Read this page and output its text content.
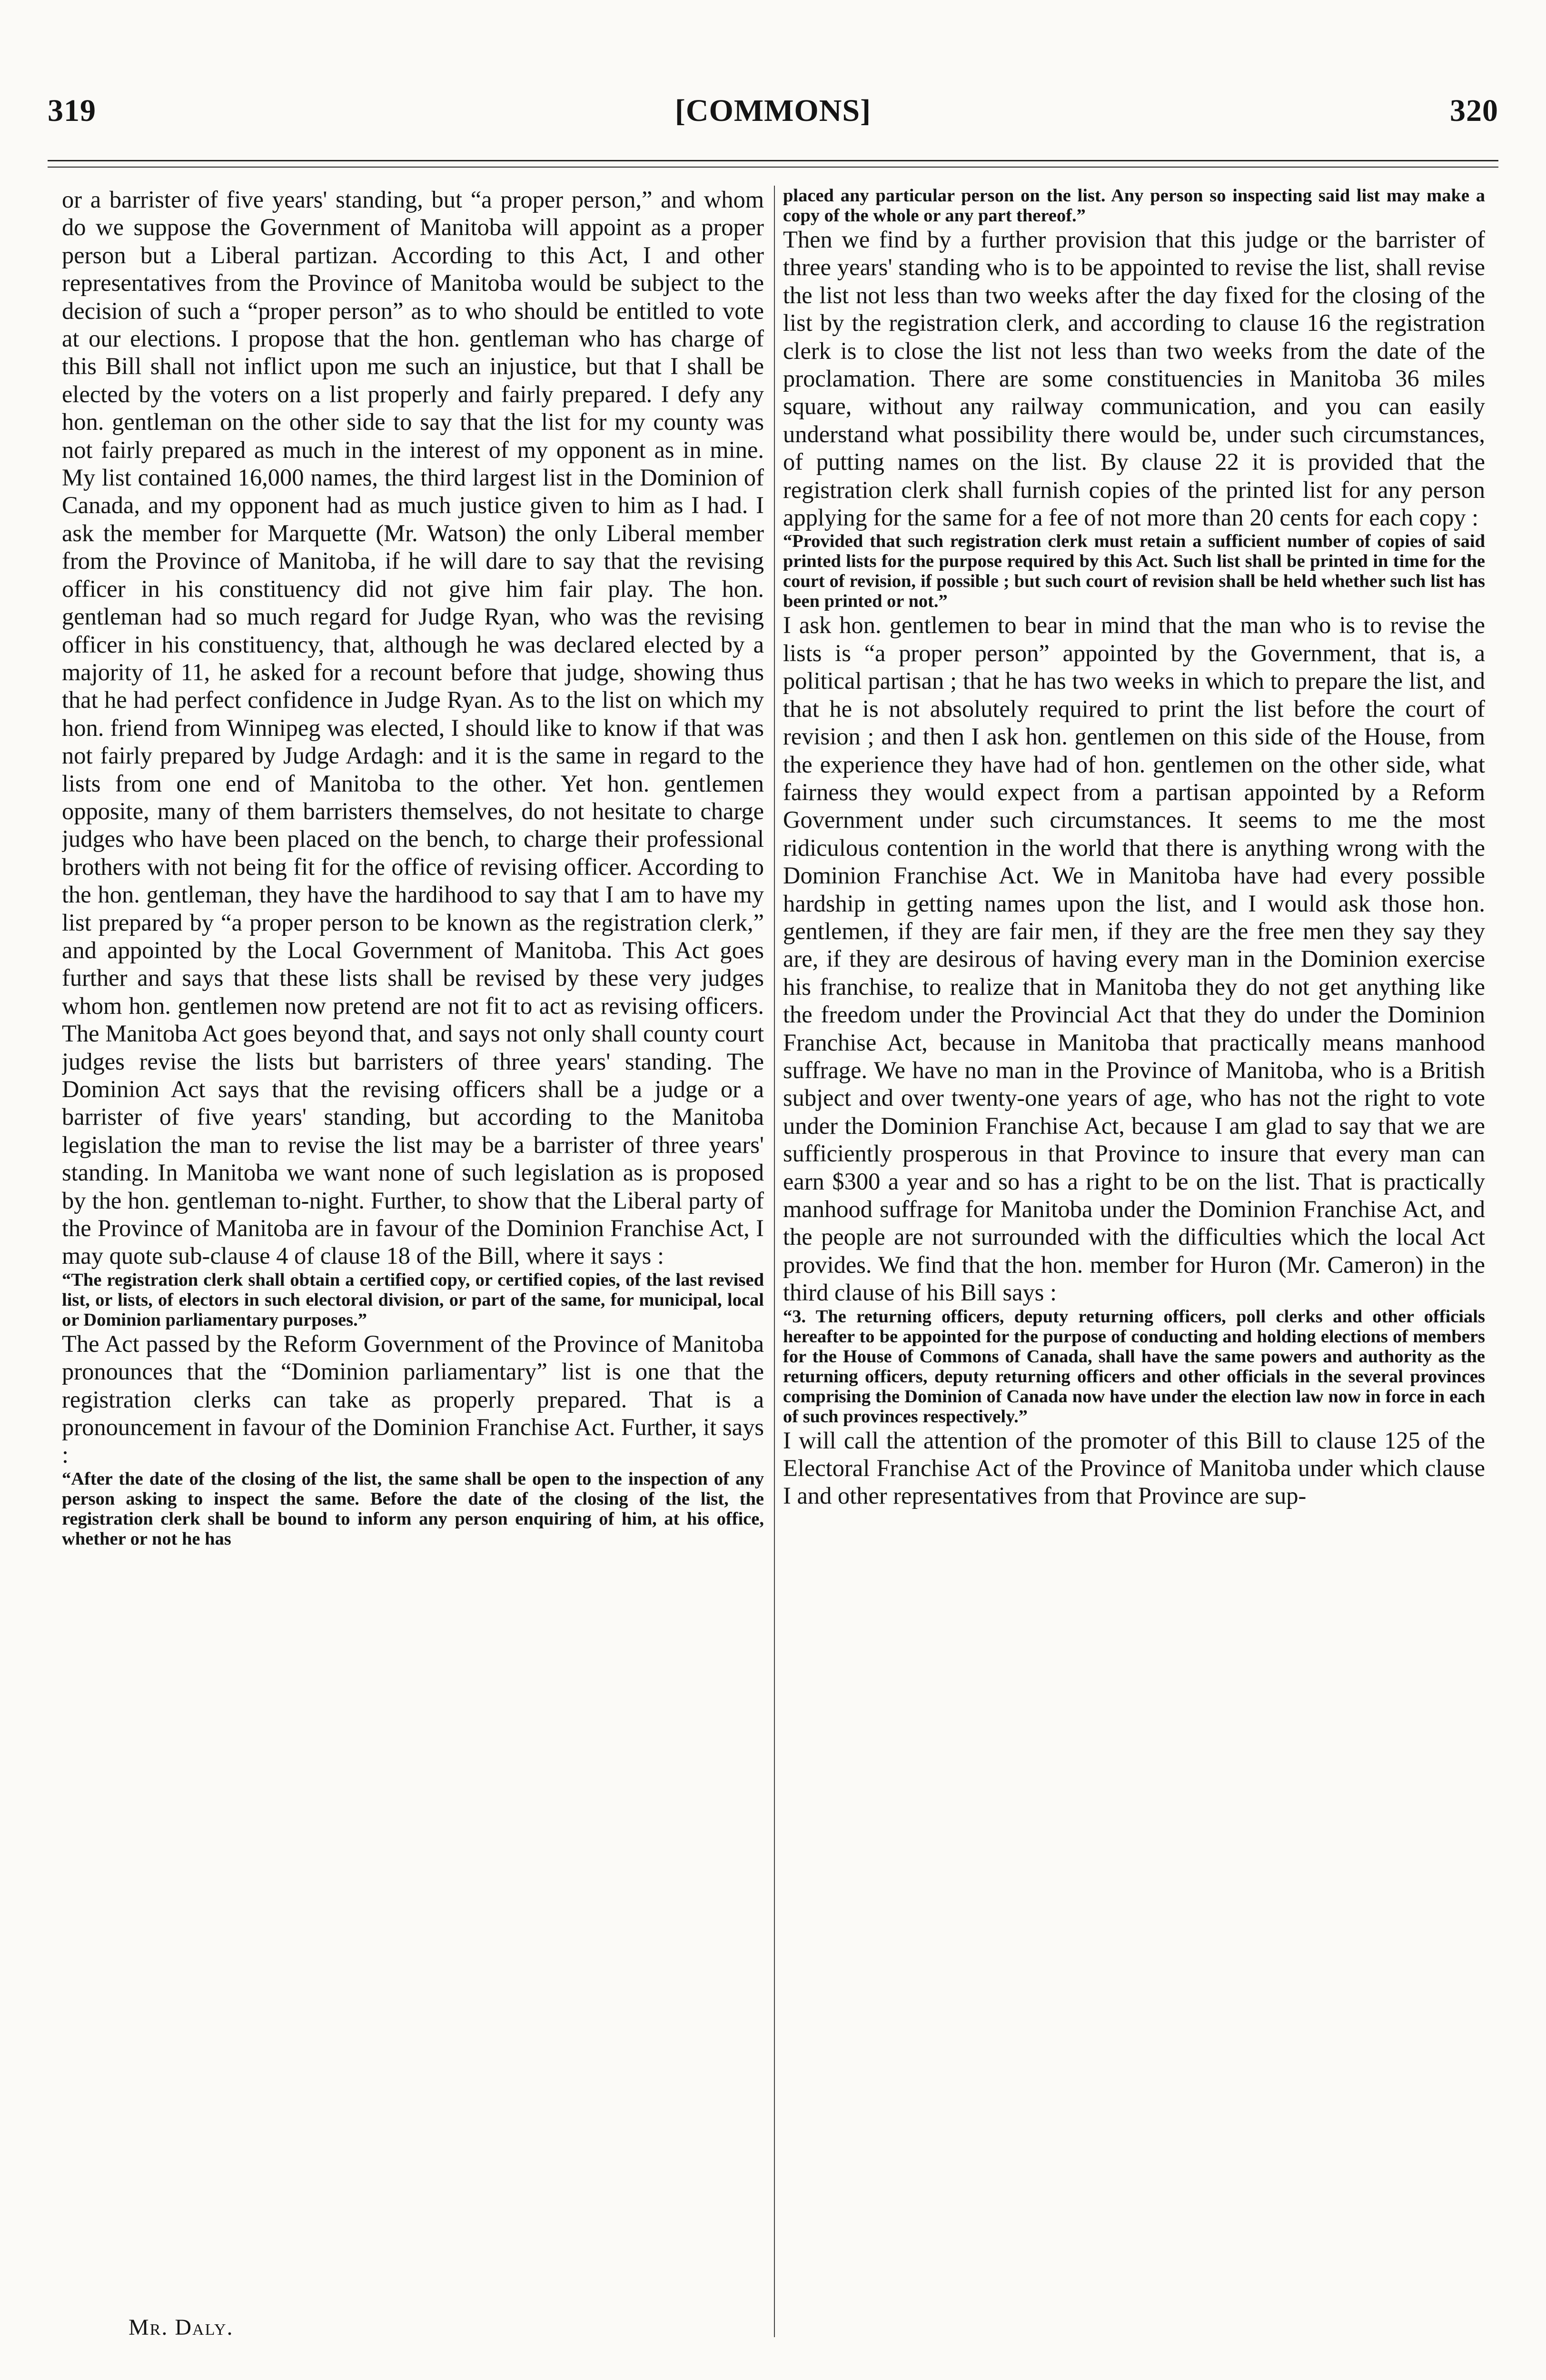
319	[COMMONS]	320

or a barrister of five years' standing, but “a proper person,” and whom do we suppose the Government of Manitoba will appoint as a proper person but a Liberal partizan. According to this Act, I and other representatives from the Province of Manitoba would be subject to the decision of such a “proper person” as to who should be entitled to vote at our elections. I propose that the hon. gentleman who has charge of this Bill shall not inflict upon me such an injustice, but that I shall be elected by the voters on a list properly and fairly prepared. I defy any hon. gentleman on the other side to say that the list for my county was not fairly prepared as much in the interest of my opponent as in mine. My list contained 16,000 names, the third largest list in the Dominion of Canada, and my opponent had as much justice given to him as I had. I ask the member for Marquette (Mr. Watson) the only Liberal member from the Province of Manitoba, if he will dare to say that the revising officer in his constituency did not give him fair play. The hon. gentleman had so much regard for Judge Ryan, who was the revising officer in his constituency, that, although he was declared elected by a majority of 11, he asked for a recount before that judge, showing thus that he had perfect confidence in Judge Ryan. As to the list on which my hon. friend from Winnipeg was elected, I should like to know if that was not fairly prepared by Judge Ardagh: and it is the same in regard to the lists from one end of Manitoba to the other. Yet hon. gentlemen opposite, many of them barristers themselves, do not hesitate to charge judges who have been placed on the bench, to charge their professional brothers with not being fit for the office of revising officer. According to the hon. gentleman, they have the hardihood to say that I am to have my list prepared by “a proper person to be known as the registration clerk,” and appointed by the Local Government of Manitoba. This Act goes further and says that these lists shall be revised by these very judges whom hon. gentlemen now pretend are not fit to act as revising officers. The Manitoba Act goes beyond that, and says not only shall county court judges revise the lists but barristers of three years' standing. The Dominion Act says that the revising officers shall be a judge or a barrister of five years' standing, but according to the Manitoba legislation the man to revise the list may be a barrister of three years' standing. In Manitoba we want none of such legislation as is proposed by the hon. gentleman to-night. Further, to show that the Liberal party of the Province of Manitoba are in favour of the Dominion Franchise Act, I may quote sub-clause 4 of clause 18 of the Bill, where it says :

“The registration clerk shall obtain a certified copy, or certified copies, of the last revised list, or lists, of electors in such electoral division, or part of the same, for municipal, local or Dominion parliamentary purposes.”

The Act passed by the Reform Government of the Province of Manitoba pronounces that the “Dominion parliamentary” list is one that the registration clerks can take as properly prepared. That is a pronouncement in favour of the Dominion Franchise Act. Further, it says :

“After the date of the closing of the list, the same shall be open to the inspection of any person asking to inspect the same. Before the date of the closing of the list, the registration clerk shall be bound to inform any person enquiring of him, at his office, whether or not he has

placed any particular person on the list. Any person so inspecting said list may make a copy of the whole or any part thereof.”

Then we find by a further provision that this judge or the barrister of three years' standing who is to be appointed to revise the list, shall revise the list not less than two weeks after the day fixed for the closing of the list by the registration clerk, and according to clause 16 the registration clerk is to close the list not less than two weeks from the date of the proclamation. There are some constituencies in Manitoba 36 miles square, without any railway communication, and you can easily understand what possibility there would be, under such circumstances, of putting names on the list. By clause 22 it is provided that the registration clerk shall furnish copies of the printed list for any person applying for the same for a fee of not more than 20 cents for each copy :

“Provided that such registration clerk must retain a sufficient number of copies of said printed lists for the purpose required by this Act. Such list shall be printed in time for the court of revision, if possible ; but such court of revision shall be held whether such list has been printed or not.”

I ask hon. gentlemen to bear in mind that the man who is to revise the lists is “a proper person” appointed by the Government, that is, a political partisan ; that he has two weeks in which to prepare the list, and that he is not absolutely required to print the list before the court of revision ; and then I ask hon. gentlemen on this side of the House, from the experience they have had of hon. gentlemen on the other side, what fairness they would expect from a partisan appointed by a Reform Government under such circumstances. It seems to me the most ridiculous contention in the world that there is anything wrong with the Dominion Franchise Act. We in Manitoba have had every possible hardship in getting names upon the list, and I would ask those hon. gentlemen, if they are fair men, if they are the free men they say they are, if they are desirous of having every man in the Dominion exercise his franchise, to realize that in Manitoba they do not get anything like the freedom under the Provincial Act that they do under the Dominion Franchise Act, because in Manitoba that practically means manhood suffrage. We have no man in the Province of Manitoba, who is a British subject and over twenty-one years of age, who has not the right to vote under the Dominion Franchise Act, because I am glad to say that we are sufficiently prosperous in that Province to insure that every man can earn $300 a year and so has a right to be on the list. That is practically manhood suffrage for Manitoba under the Dominion Franchise Act, and the people are not surrounded with the difficulties which the local Act provides. We find that the hon. member for Huron (Mr. Cameron) in the third clause of his Bill says :

“3. The returning officers, deputy returning officers, poll clerks and other officials hereafter to be appointed for the purpose of conducting and holding elections of members for the House of Commons of Canada, shall have the same powers and authority as the returning officers, deputy returning officers and other officials in the several provinces comprising the Dominion of Canada now have under the election law now in force in each of such provinces respectively.”

I will call the attention of the promoter of this Bill to clause 125 of the Electoral Franchise Act of the Province of Manitoba under which clause I and other representatives from that Province are sup-

Mr. Daly.
